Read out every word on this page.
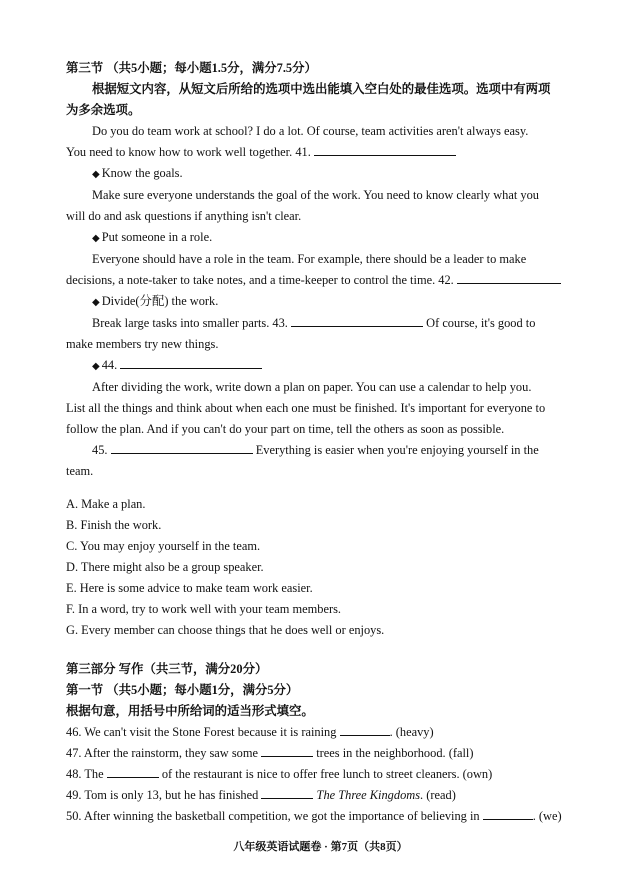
第三节 （共5小题；每小题1.5分，满分7.5分）
根据短文内容，从短文后所给的选项中选出能填入空白处的最佳选项。选项中有两项
为多余选项。
Do you do team work at school? I do a lot. Of course, team activities aren't always easy.
You need to know how to work well together. 41.
◆ Know the goals.
Make sure everyone understands the goal of the work. You need to know clearly what you
will do and ask questions if anything isn't clear.
◆ Put someone in a role.
Everyone should have a role in the team. For example, there should be a leader to make
decisions, a note-taker to take notes, and a time-keeper to control the time. 42.
◆ Divide(分配) the work.
Break large tasks into smaller parts. 43.	Of course, it's good to
make members try new things.
◆ 44.
After dividing the work, write down a plan on paper. You can use a calendar to help you.
List all the things and think about when each one must be finished. It's important for everyone to
follow the plan. And if you can't do your part on time, tell the others as soon as possible.
45.	Everything is easier when you're enjoying yourself in the
team.
A. Make a plan.
B. Finish the work.
C. You may enjoy yourself in the team.
D. There might also be a group speaker.
E. Here is some advice to make team work easier.
F. In a word, try to work well with your team members.
G. Every member can choose things that he does well or enjoys.
第三部分 写作（共三节，满分20分）
第一节 （共5小题；每小题1分，满分5分）
根据句意，用括号中所给词的适当形式填空。
46. We can't visit the Stone Forest because it is raining	. (heavy)
47. After the rainstorm, they saw some	trees in the neighborhood. (fall)
48. The	of the restaurant is nice to offer free lunch to street cleaners. (own)
49. Tom is only 13, but he has finished	The Three Kingdoms. (read)
50. After winning the basketball competition, we got the importance of believing in	. (we)
八年级英语试题卷 · 第7页（共8页）
